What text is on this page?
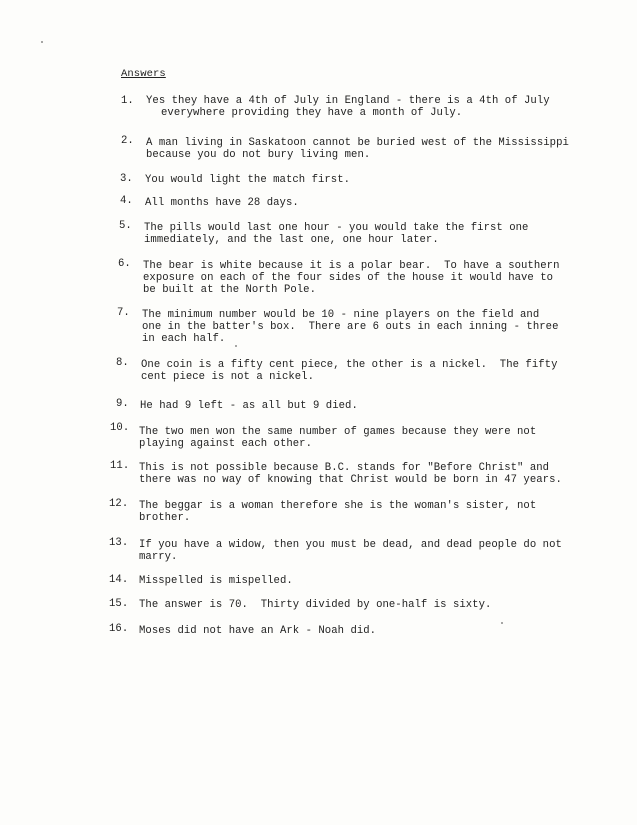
Answers
1. Yes they have a 4th of July in England - there is a 4th of July
everywhere providing they have a month of July.
2. A man living in Saskatoon cannot be buried west of the Mississippi
because you do not bury living men.
3. You would light the match first.
4. All months have 28 days.
5. The pills would last one hour - you would take the first one
immediately, and the last one, one hour later.
6. The bear is white because it is a polar bear.  To have a southern
exposure on each of the four sides of the house it would have to
be built at the North Pole.
7. The minimum number would be 10 - nine players on the field and
one in the batter's box.  There are 6 outs in each inning - three
in each half.
8. One coin is a fifty cent piece, the other is a nickel.  The fifty
cent piece is not a nickel.
9. He had 9 left - as all but 9 died.
10. The two men won the same number of games because they were not
playing against each other.
11. This is not possible because B.C. stands for "Before Christ" and
there was no way of knowing that Christ would be born in 47 years.
12. The beggar is a woman therefore she is the woman's sister, not
brother.
13. If you have a widow, then you must be dead, and dead people do not
marry.
14. Misspelled is mispelled.
15. The answer is 70.  Thirty divided by one-half is sixty.
16. Moses did not have an Ark - Noah did.
